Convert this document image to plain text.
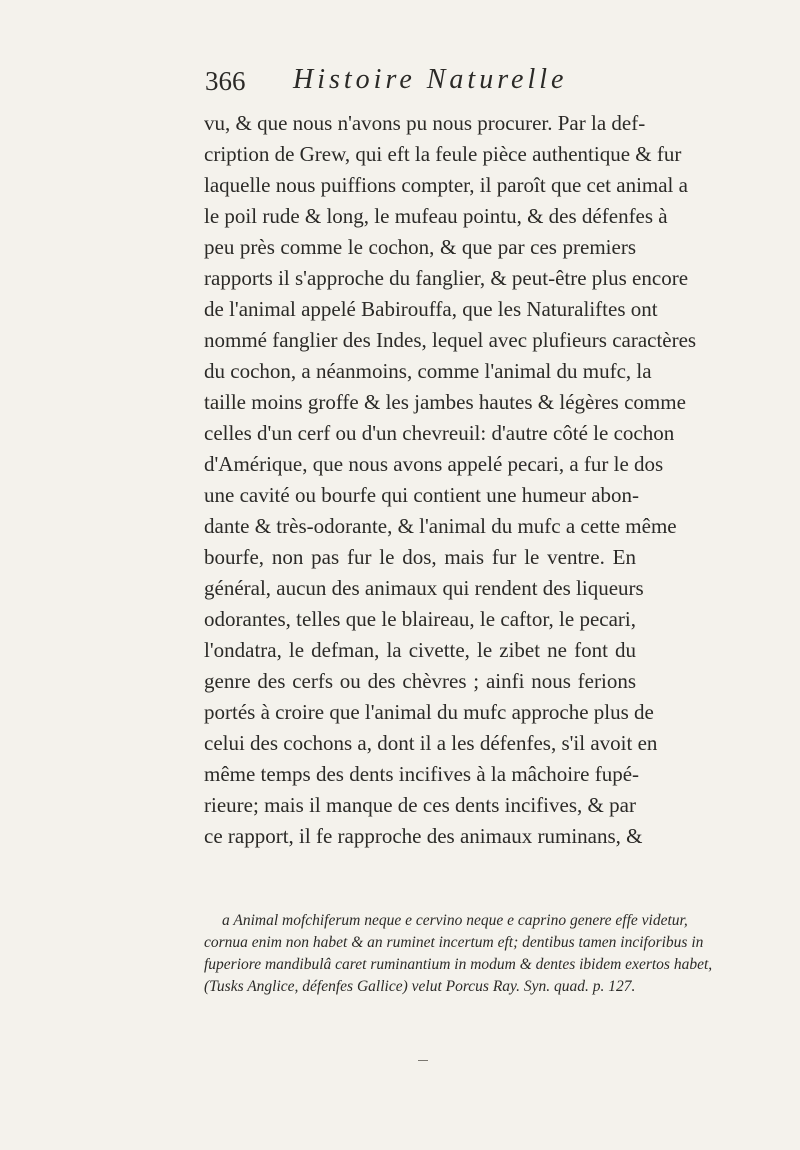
366 Histoire Naturelle
vu, & que nous n'avons pu nous procurer. Par la def-
cription de Grew, qui eft la feule pièce authentique & fur
laquelle nous puiffions compter, il paroît que cet animal a
le poil rude & long, le mufeau pointu, & des défenfes à
peu près comme le cochon, & que par ces premiers
rapports il s'approche du fanglier, & peut-être plus encore
de l'animal appelé Babirouffa, que les Naturaliftes ont
nommé fanglier des Indes, lequel avec plufieurs caractères
du cochon, a néanmoins, comme l'animal du mufc, la
taille moins groffe & les jambes hautes & légères comme
celles d'un cerf ou d'un chevreuil: d'autre côté le cochon
d'Amérique, que nous avons appelé pecari, a fur le dos
une cavité ou bourfe qui contient une humeur abon-
dante & très-odorante, & l'animal du mufc a cette même
bourfe, non pas fur le dos, mais fur le ventre. En
général, aucun des animaux qui rendent des liqueurs
odorantes, telles que le blaireau, le caftor, le pecari,
l'ondatra, le defman, la civette, le zibet ne font du
genre des cerfs ou des chèvres ; ainfi nous ferions
portés à croire que l'animal du mufc approche plus de
celui des cochons a, dont il a les défenfes, s'il avoit en
même temps des dents incifives à la mâchoire fupé-
rieure; mais il manque de ces dents incifives, & par
ce rapport, il fe rapproche des animaux ruminans, &
a Animal mofchiferum neque e cervino neque e caprino genere effe videtur,
cornua enim non habet & an ruminet incertum eft; dentibus tamen inciforibus in
fuperiore mandibulâ caret ruminantium in modum & dentes ibidem exertos habet,
(Tusks Anglice, défenfes Gallice) velut Porcus Ray. Syn. quad. p. 127.
